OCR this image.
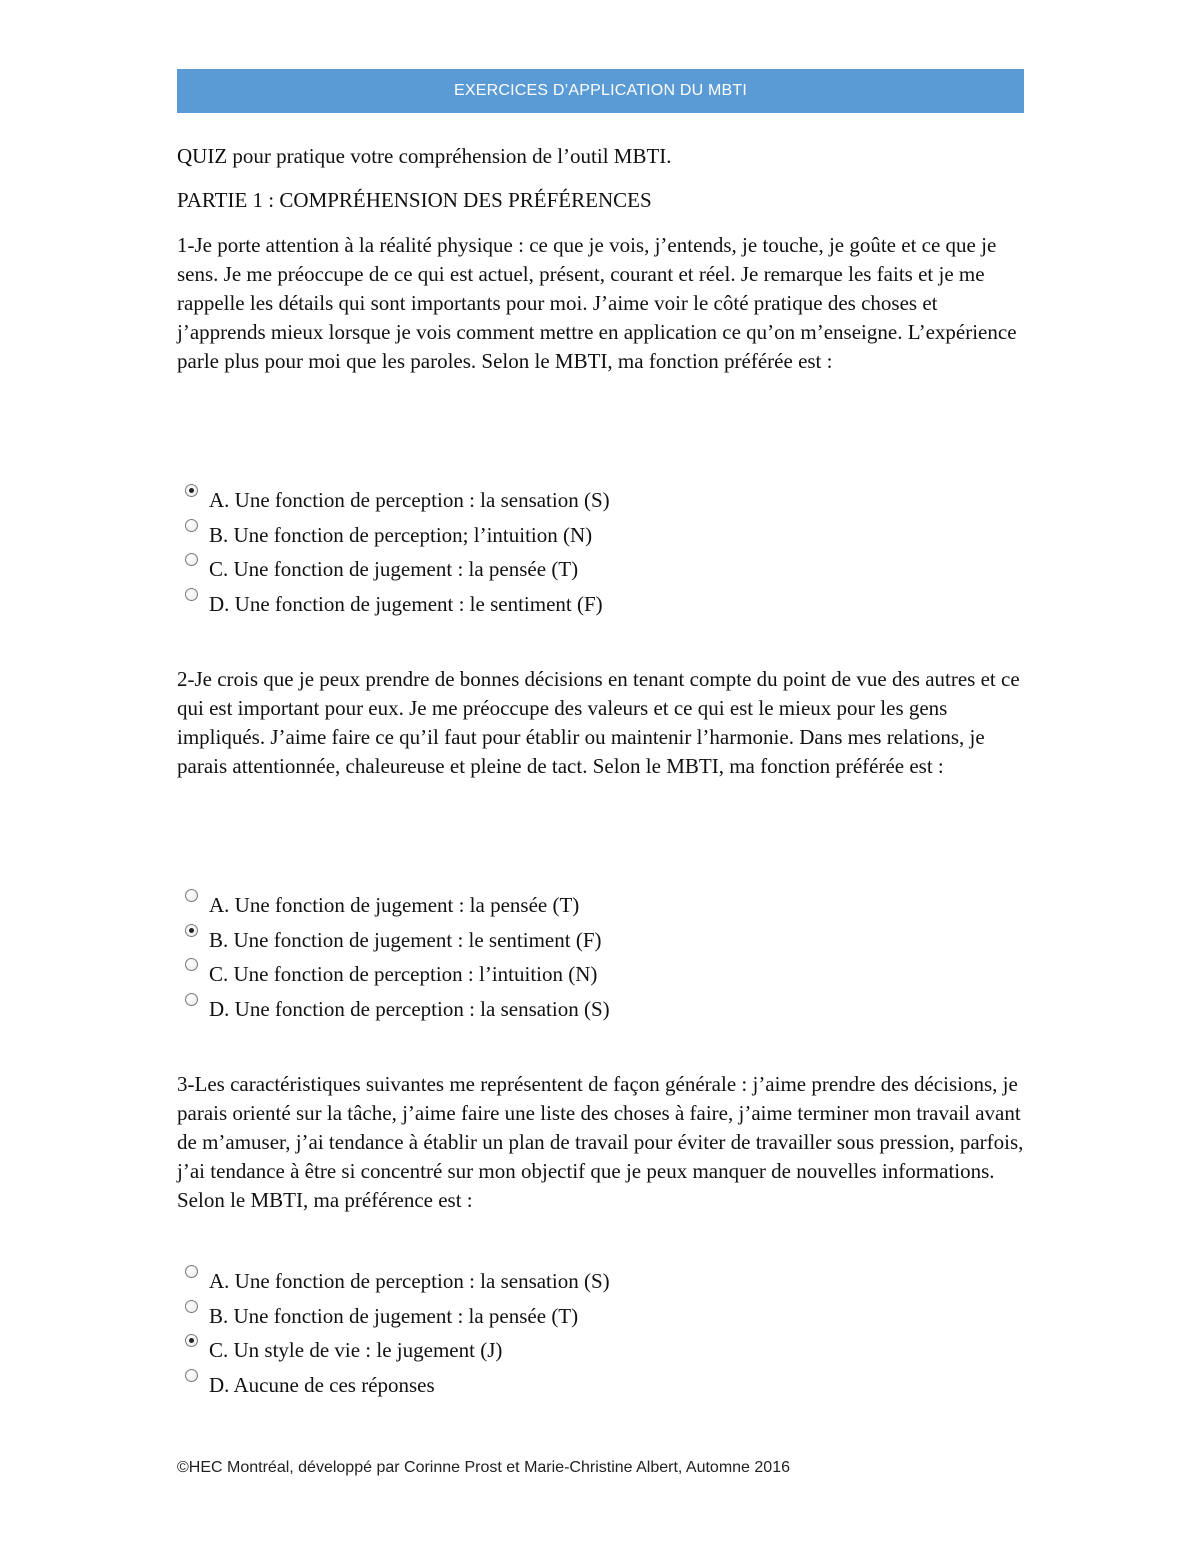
EXERCICES D’APPLICATION DU MBTI

QUIZ pour pratique votre compréhension de l’outil MBTI.

PARTIE 1 : COMPRÉHENSION DES PRÉFÉRENCES

1-Je porte attention à la réalité physique : ce que je vois, j’entends, je touche, je goûte et ce que je sens. Je me préoccupe de ce qui est actuel, présent, courant et réel. Je remarque les faits et je me rappelle les détails qui sont importants pour moi. J’aime voir le côté pratique des choses et j’apprends mieux lorsque je vois comment mettre en application ce qu’on m’enseigne. L’expérience parle plus pour moi que les paroles. Selon le MBTI, ma fonction préférée est :

A. Une fonction de perception : la sensation (S)
B. Une fonction de perception; l’intuition (N)
C. Une fonction de jugement : la pensée (T)
D. Une fonction de jugement : le sentiment (F)

2-Je crois que je peux prendre de bonnes décisions en tenant compte du point de vue des autres et ce qui est important pour eux. Je me préoccupe des valeurs et ce qui est le mieux pour les gens impliqués. J’aime faire ce qu’il faut pour établir ou maintenir l’harmonie. Dans mes relations, je parais attentionnée, chaleureuse et pleine de tact. Selon le MBTI, ma fonction préférée est :

A. Une fonction de jugement : la pensée (T)
B. Une fonction de jugement : le sentiment (F)
C. Une fonction de perception : l’intuition (N)
D. Une fonction de perception : la sensation (S)

3-Les caractéristiques suivantes me représentent de façon générale : j’aime prendre des décisions, je parais orienté sur la tâche, j’aime faire une liste des choses à faire, j’aime terminer mon travail avant de m’amuser, j’ai tendance à établir un plan de travail pour éviter de travailler sous pression, parfois, j’ai tendance à être si concentré sur mon objectif que je peux manquer de nouvelles informations. Selon le MBTI, ma préférence est :

A. Une fonction de perception : la sensation (S)
B. Une fonction de jugement : la pensée (T)
C. Un style de vie : le jugement (J)
D. Aucune de ces réponses
©HEC Montréal, développé par Corinne Prost et Marie-Christine Albert, Automne 2016
